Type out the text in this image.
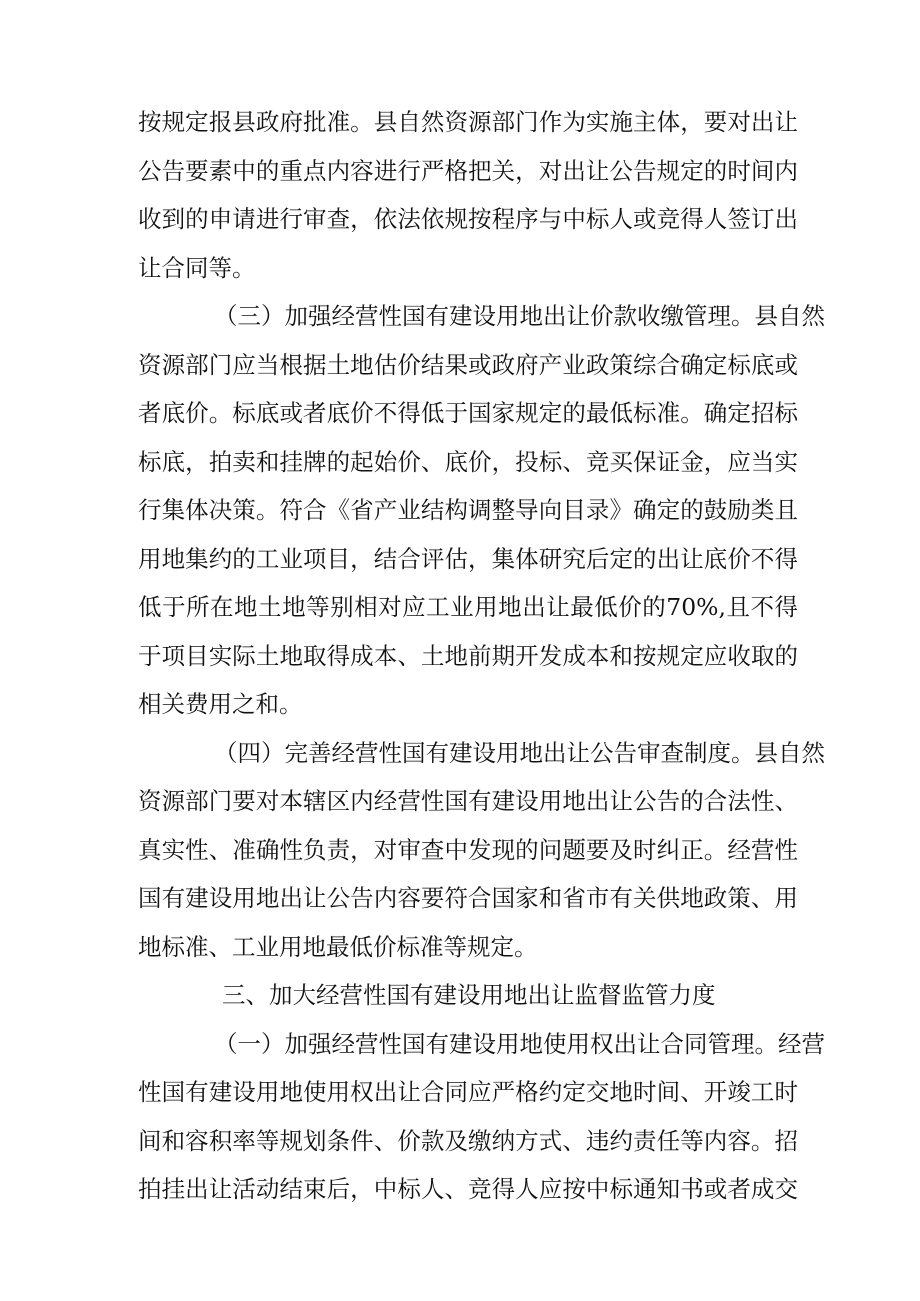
按规定报县政府批准。县自然资源部门作为实施主体，要对出让
公告要素中的重点内容进行严格把关，对出让公告规定的时间内
收到的申请进行审查，依法依规按程序与中标人或竞得人签订出
让合同等。
（三）加强经营性国有建设用地出让价款收缴管理。县自然
资源部门应当根据土地估价结果或政府产业政策综合确定标底或
者底价。标底或者底价不得低于国家规定的最低标准。确定招标
标底，拍卖和挂牌的起始价、底价，投标、竞买保证金，应当实
行集体决策。符合《省产业结构调整导向目录》确定的鼓励类且
用地集约的工业项目，结合评估，集体研究后定的出让底价不得
低于所在地土地等别相对应工业用地出让最低价的70%,且不得
于项目实际土地取得成本、土地前期开发成本和按规定应收取的
相关费用之和。
（四）完善经营性国有建设用地出让公告审查制度。县自然
资源部门要对本辖区内经营性国有建设用地出让公告的合法性、
真实性、准确性负责，对审查中发现的问题要及时纠正。经营性
国有建设用地出让公告内容要符合国家和省市有关供地政策、用
地标准、工业用地最低价标准等规定。
三、加大经营性国有建设用地出让监督监管力度
（一）加强经营性国有建设用地使用权出让合同管理。经营
性国有建设用地使用权出让合同应严格约定交地时间、开竣工时
间和容积率等规划条件、价款及缴纳方式、违约责任等内容。招
拍挂出让活动结束后，中标人、竞得人应按中标通知书或者成交
